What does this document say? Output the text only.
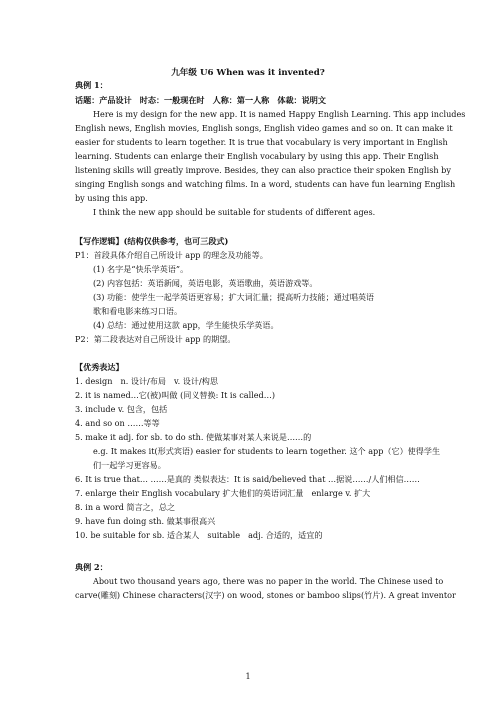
九年级 U6 When was it invented?
典例 1：
话题：产品设计　时态：一般现在时　人称：第一人称　体裁：说明文
Here is my design for the new app. It is named Happy English Learning. This app includes
English news, English movies, English songs, English video games and so on. It can make it
easier for students to learn together. It is true that vocabulary is very important in English
learning. Students can enlarge their English vocabulary by using this app. Their English
listening skills will greatly improve. Besides, they can also practice their spoken English by
singing English songs and watching films. In a word, students can have fun learning English
by using this app.
I think the new app should be suitable for students of different ages.
【写作逻辑】(结构仅供参考，也可三段式)
P1：首段具体介绍自己所设计 app 的理念及功能等。
(1) 名字是“快乐学英语”。
(2) 内容包括：英语新闻，英语电影，英语歌曲，英语游戏等。
(3) 功能：使学生一起学英语更容易；扩大词汇量；提高听力技能；通过唱英语
歌和看电影来练习口语。
(4) 总结：通过使用这款 app，学生能快乐学英语。
P2：第二段表达对自己所设计 app 的期望。
【优秀表达】
1. design　n. 设计/布局　v. 设计/构思
2. it is named…它(被)叫做 (同义替换: It is called…)
3. include v. 包含，包括
4. and so on ……等等
5. make it adj. for sb. to do sth. 使做某事对某人来说是……的
e.g. It makes it(形式宾语) easier for students to learn together. 这个 app（它）使得学生
们一起学习更容易。
6. It is true that… ……是真的 类似表达：It is said/believed that …据说……/人们相信……
7. enlarge their English vocabulary 扩大他们的英语词汇量　enlarge v. 扩大
8. in a word 简言之，总之
9. have fun doing sth. 做某事很高兴
10. be suitable for sb. 适合某人　suitable　adj. 合适的，适宜的
典例 2：
About two thousand years ago, there was no paper in the world. The Chinese used to
carve(雕刻) Chinese characters(汉字) on wood, stones or bamboo slips(竹片). A great inventor
1
